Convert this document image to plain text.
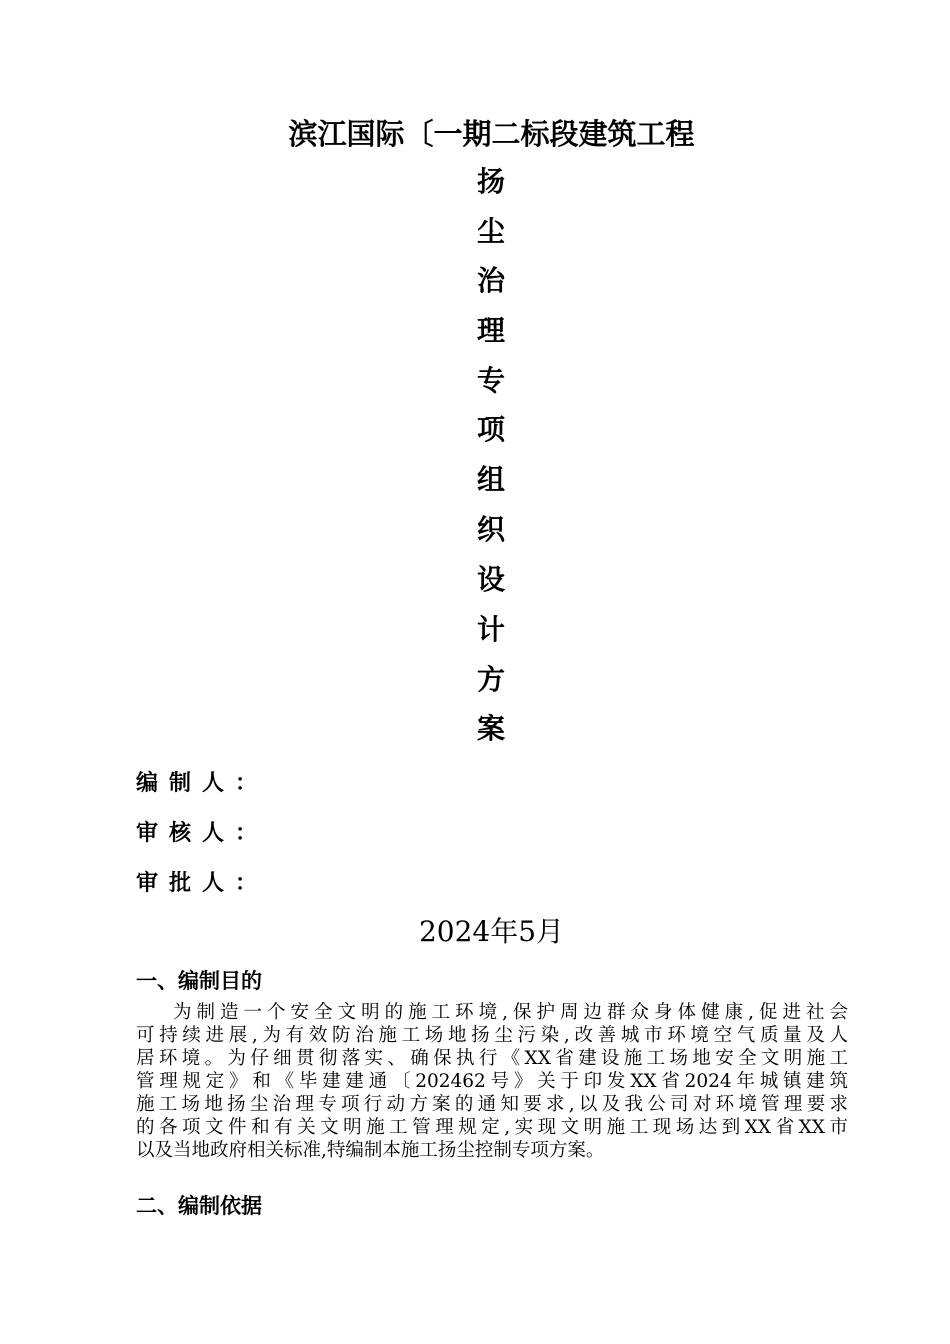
滨江国际〔一期二标段建筑工程
扬
尘
治
理
专
项
组
织
设
计
方
案
编制人：
审核人：
审批人：
2024年5月
一、编制目的
为制造一个安全文明的施工环境,保护周边群众身体健康,促进社会
可持续进展,为有效防治施工场地扬尘污染,改善城市环境空气质量及人
居环境。为仔细贯彻落实、确保执行《XX省建设施工场地安全文明施工
管理规定》和《毕建建通〔202462号》关于印发XX省2024年城镇建筑
施工场地扬尘治理专项行动方案的通知要求,以及我公司对环境管理要求
的各项文件和有关文明施工管理规定,实现文明施工现场达到XX省XX市
以及当地政府相关标准,特编制本施工扬尘控制专项方案。
二、编制依据
